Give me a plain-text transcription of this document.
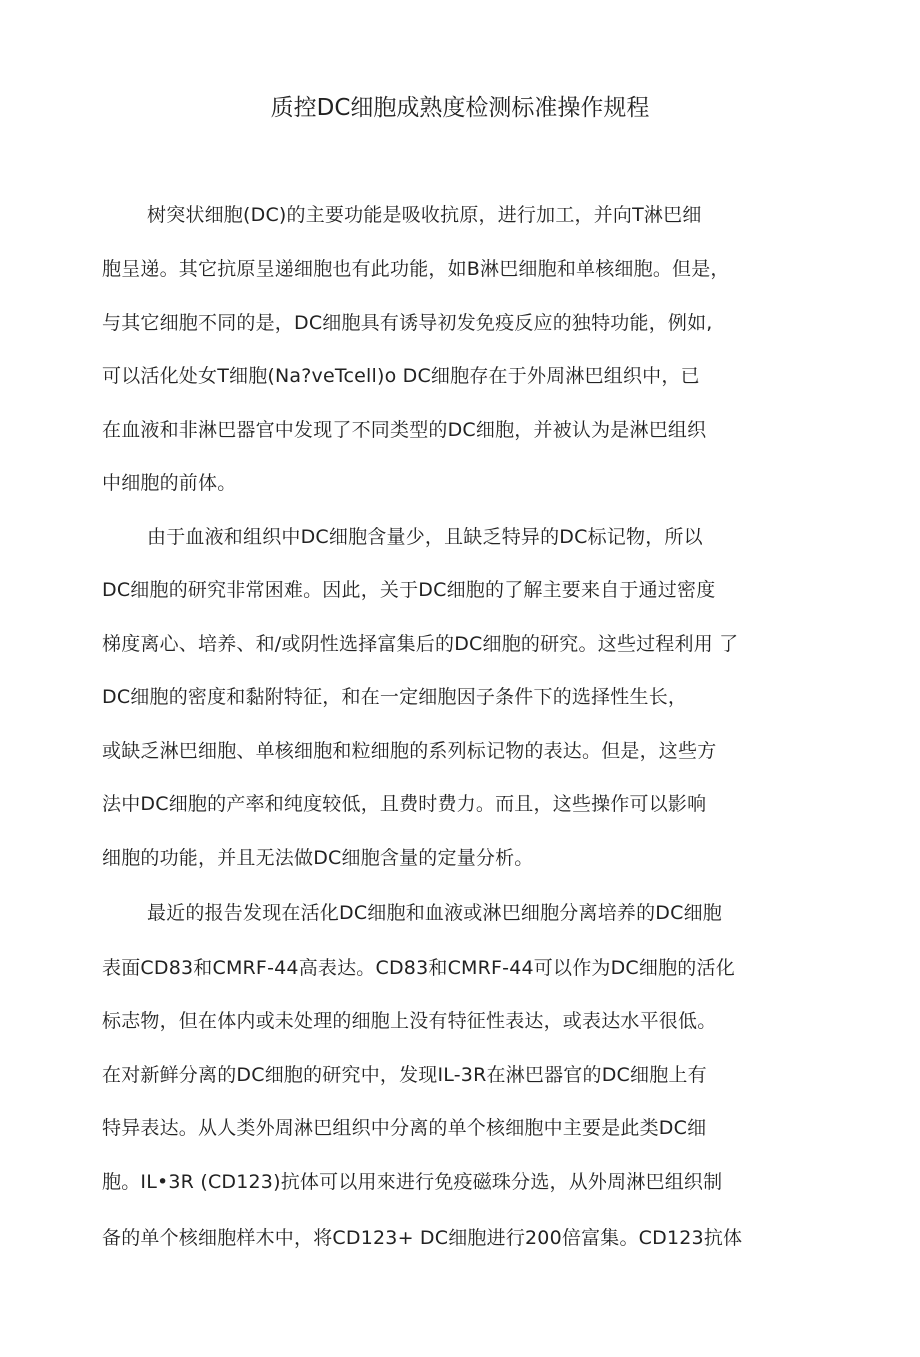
质控DC细胞成熟度检测标准操作规程
树突状细胞(DC)的主要功能是吸收抗原，进行加工，并向T淋巴细
胞呈递。其它抗原呈递细胞也有此功能，如B淋巴细胞和单核细胞。但是，
与其它细胞不同的是，DC细胞具有诱导初发免疫反应的独特功能，例如,
可以活化处女T细胞(Na?veTcell)o DC细胞存在于外周淋巴组织中，已
在血液和非淋巴器官中发现了不同类型的DC细胞，并被认为是淋巴组织
中细胞的前体。
由于血液和组织中DC细胞含量少，且缺乏特异的DC标记物，所以
DC细胞的研究非常困难。因此，关于DC细胞的了解主要来自于通过密度
梯度离心、培养、和/或阴性选择富集后的DC细胞的研究。这些过程利用 了
DC细胞的密度和黏附特征，和在一定细胞因子条件下的选择性生长，
或缺乏淋巴细胞、单核细胞和粒细胞的系列标记物的表达。但是，这些方
法中DC细胞的产率和纯度较低，且费时费力。而且，这些操作可以影响
细胞的功能，并且无法做DC细胞含量的定量分析。
最近的报告发现在活化DC细胞和血液或淋巴细胞分离培养的DC细胞
表面CD83和CMRF-44高表达。CD83和CMRF-44可以作为DC细胞的活化
标志物，但在体内或未处理的细胞上没有特征性表达，或表达水平很低。
在对新鲜分离的DC细胞的研究中，发现IL-3R在淋巴器官的DC细胞上有
特异表达。从人类外周淋巴组织中分离的单个核细胞中主要是此类DC细
胞。IL•3R (CD123)抗体可以用來进行免疫磁珠分选，从外周淋巴组织制
备的单个核细胞样木中，将CD123+ DC细胞进行200倍富集。CD123抗体
